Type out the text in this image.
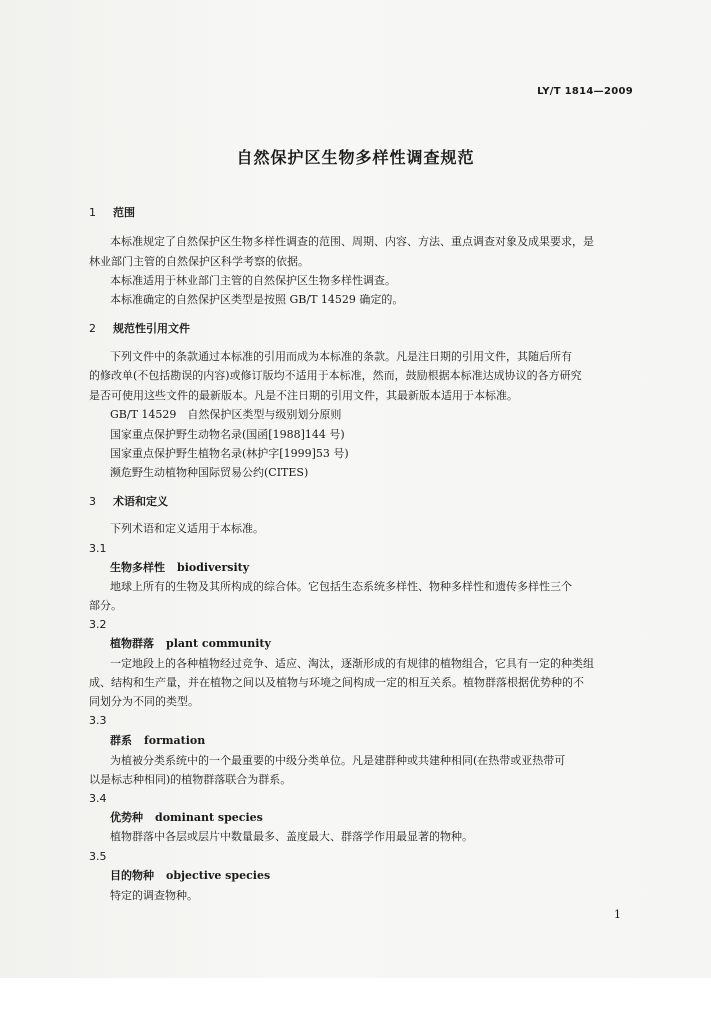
LY/T 1814—2009
自然保护区生物多样性调查规范
1 范围
本标准规定了自然保护区生物多样性调查的范围、周期、内容、方法、重点调查对象及成果要求，是
林业部门主管的自然保护区科学考察的依据。
本标准适用于林业部门主管的自然保护区生物多样性调查。
本标准确定的自然保护区类型是按照 GB/T 14529 确定的。
2 规范性引用文件
下列文件中的条款通过本标准的引用而成为本标准的条款。凡是注日期的引用文件，其随后所有
的修改单(不包括勘误的内容)或修订版均不适用于本标准，然而，鼓励根据本标准达成协议的各方研究
是否可使用这些文件的最新版本。凡是不注日期的引用文件，其最新版本适用于本标准。
GB/T 14529　自然保护区类型与级别划分原则
国家重点保护野生动物名录(国函[1988]144 号)
国家重点保护野生植物名录(林护字[1999]53 号)
濒危野生动植物种国际贸易公约(CITES)
3 术语和定义
下列术语和定义适用于本标准。
3.1
生物多样性 biodiversity
地球上所有的生物及其所构成的综合体。它包括生态系统多样性、物种多样性和遗传多样性三个
部分。
3.2
植物群落 plant community
一定地段上的各种植物经过竞争、适应、淘汰，逐渐形成的有规律的植物组合，它具有一定的种类组
成、结构和生产量，并在植物之间以及植物与环境之间构成一定的相互关系。植物群落根据优势种的不
同划分为不同的类型。
3.3
群系 formation
为植被分类系统中的一个最重要的中级分类单位。凡是建群种或共建种相同(在热带或亚热带可
以是标志种相同)的植物群落联合为群系。
3.4
优势种 dominant species
植物群落中各层或层片中数量最多、盖度最大、群落学作用最显著的物种。
3.5
目的物种 objective species
特定的调查物种。
1
